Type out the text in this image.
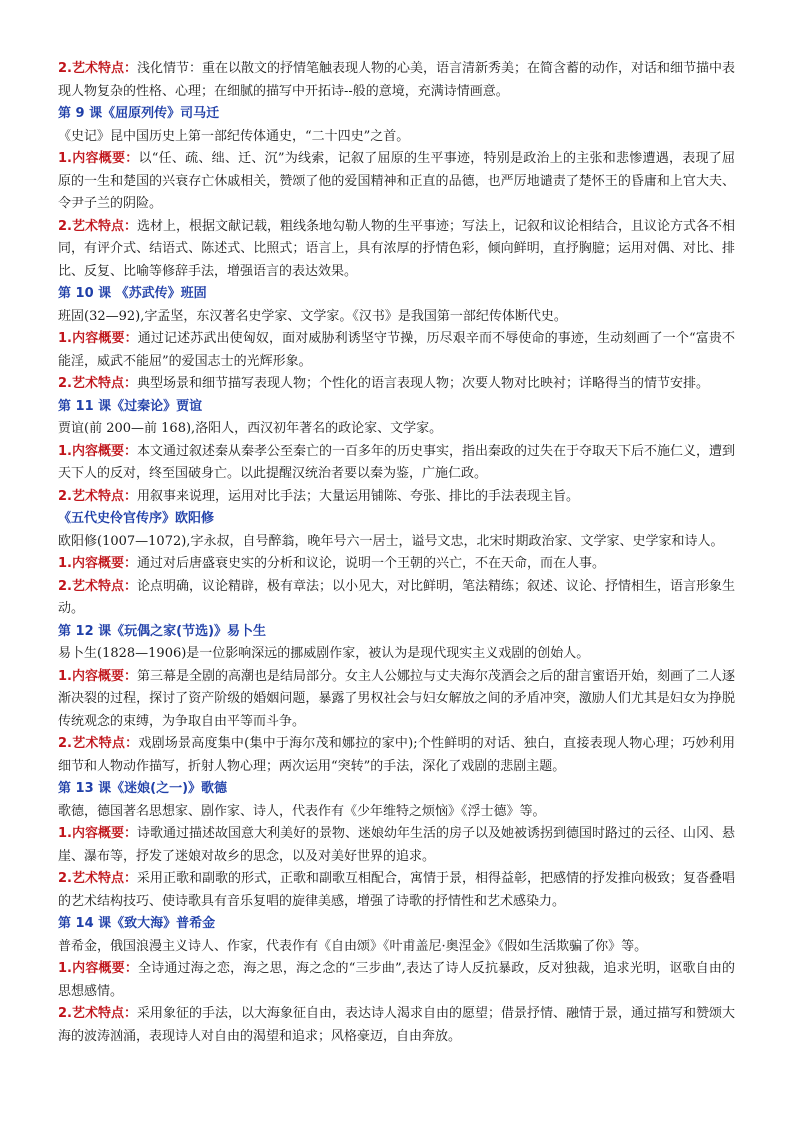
2.艺术特点：浅化情节：重在以散文的抒情笔触表现人物的心美，语言清新秀美；在简含蓄的动作，对话和细节描中表现人物复杂的性格、心理；在细腻的描写中开拓诗--般的意境，充满诗情画意。

第 9 课《屈原列传》司马迁

《史记》昆中国历史上第一部纪传体通史，“二十四史”之首。

1.内容概要：以“任、疏、绌、迁、沉”为线索，记叙了屈原的生平事迹，特别是政治上的主张和悲惨遭遇，表现了屈原的一生和楚国的兴衰存亡休戚相关，赞颂了他的爱国精神和正直的品德，也严厉地谴责了楚怀王的昏庸和上官大夫、令尹子兰的阴险。

2.艺术特点：选材上，根据文献记载，粗线条地勾勒人物的生平事迹；写法上，记叙和议论相结合，且议论方式各不相同，有评介式、结语式、陈述式、比照式；语言上，具有浓厚的抒情色彩，倾向鲜明，直抒胸臆；运用对偶、对比、排比、反复、比喻等修辞手法，增强语言的表达效果。

第 10 课 《苏武传》班固

班固(32—92),字孟坚，东汉著名史学家、文学家。《汉书》是我国第一部纪传体断代史。

1.内容概要：通过记述苏武出使匈奴，面对威胁利诱坚守节操，历尽艰辛而不辱使命的事迹，生动刻画了一个“富贵不能淫，威武不能屈”的爱国志士的光辉形象。

2.艺术特点：典型场景和细节描写表现人物；个性化的语言表现人物；次要人物对比映衬；详略得当的情节安排。

第 11 课《过秦论》贾谊

贾谊(前 200—前 168),洛阳人，西汉初年著名的政论家、文学家。

1.内容概要：本文通过叙述秦从秦孝公至秦亡的一百多年的历史事实，指出秦政的过失在于夺取天下后不施仁义，遭到天下人的反对，终至国破身亡。以此提醒汉统治者要以秦为鉴，广施仁政。

2.艺术特点：用叙事来说理，运用对比手法；大量运用铺陈、夸张、排比的手法表现主旨。

《五代史伶官传序》欧阳修

欧阳修(1007—1072),字永叔，自号醉翁，晚年号六一居士，谥号文忠，北宋时期政治家、文学家、史学家和诗人。

1.内容概要：通过对后唐盛衰史实的分析和议论，说明一个王朝的兴亡，不在天命，而在人事。

2.艺术特点：论点明确，议论精辟，极有章法；以小见大，对比鲜明，笔法精练；叙述、议论、抒情相生，语言形象生动。

第 12 课《玩偶之家(节选)》易卜生

易卜生(1828—1906)是一位影响深远的挪威剧作家，被认为是现代现实主义戏剧的创始人。

1.内容概要：第三幕是全剧的高潮也是结局部分。女主人公娜拉与丈夫海尔茂酒会之后的甜言蜜语开始，刻画了二人逐渐决裂的过程，探讨了资产阶级的婚姻问题，暴露了男权社会与妇女解放之间的矛盾冲突，激励人们尤其是妇女为挣脱传统观念的束缚，为争取自由平等而斗争。

2.艺术特点：戏剧场景高度集中(集中于海尔茂和娜拉的家中);个性鲜明的对话、独白，直接表现人物心理；巧妙利用细节和人物动作描写，折射人物心理；两次运用“突转”的手法，深化了戏剧的悲剧主题。

第 13 课《迷娘(之一)》歌德

歌德，德国著名思想家、剧作家、诗人，代表作有《少年维特之烦恼》《浮士德》等。

1.内容概要：诗歌通过描述故国意大利美好的景物、迷娘幼年生活的房子以及她被诱拐到德国时路过的云径、山冈、悬崖、瀑布等，抒发了迷娘对故乡的思念，以及对美好世界的追求。

2.艺术特点：采用正歌和副歌的形式，正歌和副歌互相配合，寓情于景，相得益彰，把感情的抒发推向极致；复沓叠唱的艺术结构技巧、使诗歌具有音乐复唱的旋律美感，增强了诗歌的抒情性和艺术感染力。

第 14 课《致大海》普希金

普希金，俄国浪漫主义诗人、作家，代表作有《自由颂》《叶甫盖尼·奥涅金》《假如生活欺骗了你》等。

1.内容概要：全诗通过海之恋，海之思，海之念的“三步曲”,表达了诗人反抗暴政，反对独裁，追求光明，讴歌自由的思想感情。

2.艺术特点：采用象征的手法，以大海象征自由，表达诗人渴求自由的愿望；借景抒情、融情于景，通过描写和赞颂大海的波涛汹涌，表现诗人对自由的渴望和追求；风格豪迈，自由奔放。
